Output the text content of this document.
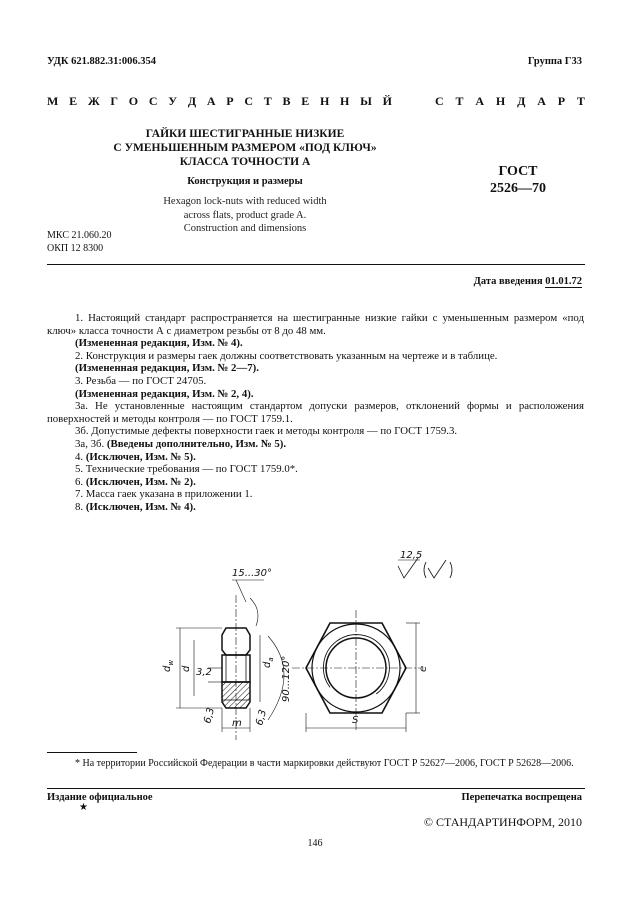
УДК 621.882.31:006.354	Группа Г33
М Е Ж Г О С У Д А Р С Т В Е Н Н Ы Й	С Т А Н Д А Р Т
ГАЙКИ ШЕСТИГРАННЫЕ НИЗКИЕ
С УМЕНЬШЕННЫМ РАЗМЕРОМ «ПОД КЛЮЧ»
КЛАССА ТОЧНОСТИ А
Конструкция и размеры
Hexagon lock-nuts with reduced width
across flats, product grade A.
Construction and dimensions
ГОСТ
2526—70
МКС 21.060.20
ОКП 12 8300
Дата введения 01.01.72

1. Настоящий стандарт распространяется на шестигранные низкие гайки с уменьшенным размером «под ключ» класса точности А с диаметром резьбы от 8 до 48 мм.

(Измененная редакция, Изм. № 4).

2. Конструкция и размеры гаек должны соответствовать указанным на чертеже и в таблице.

(Измененная редакция, Изм. № 2—7).

3. Резьба — по ГОСТ 24705.

(Измененная редакция, Изм. № 2, 4).

3а. Не установленные настоящим стандартом допуски размеров, отклонений формы и расположения поверхностей и методы контроля — по ГОСТ 1759.1.

3б. Допустимые дефекты поверхности гаек и методы контроля — по ГОСТ 1759.3.

3а, 3б. (Введены дополнительно, Изм. № 5).

4. (Исключен, Изм. № 5).

5. Технические требования — по ГОСТ 1759.0*.

6. (Исключен, Изм. № 2).

7. Масса гаек указана в приложении 1.

8. (Исключен, Изм. № 4).

15...30°
90...120°
$d_w$
d
$d_a$
3,2
6,3	6,3
m
e
S
12,5

* На территории Российской Федерации в части маркировки действуют ГОСТ Р 52627—2006, ГОСТ Р 52628—2006.

Издание официальное	Перепечатка воспрещена
★
© СТАНДАРТИНФОРМ, 2010
146
